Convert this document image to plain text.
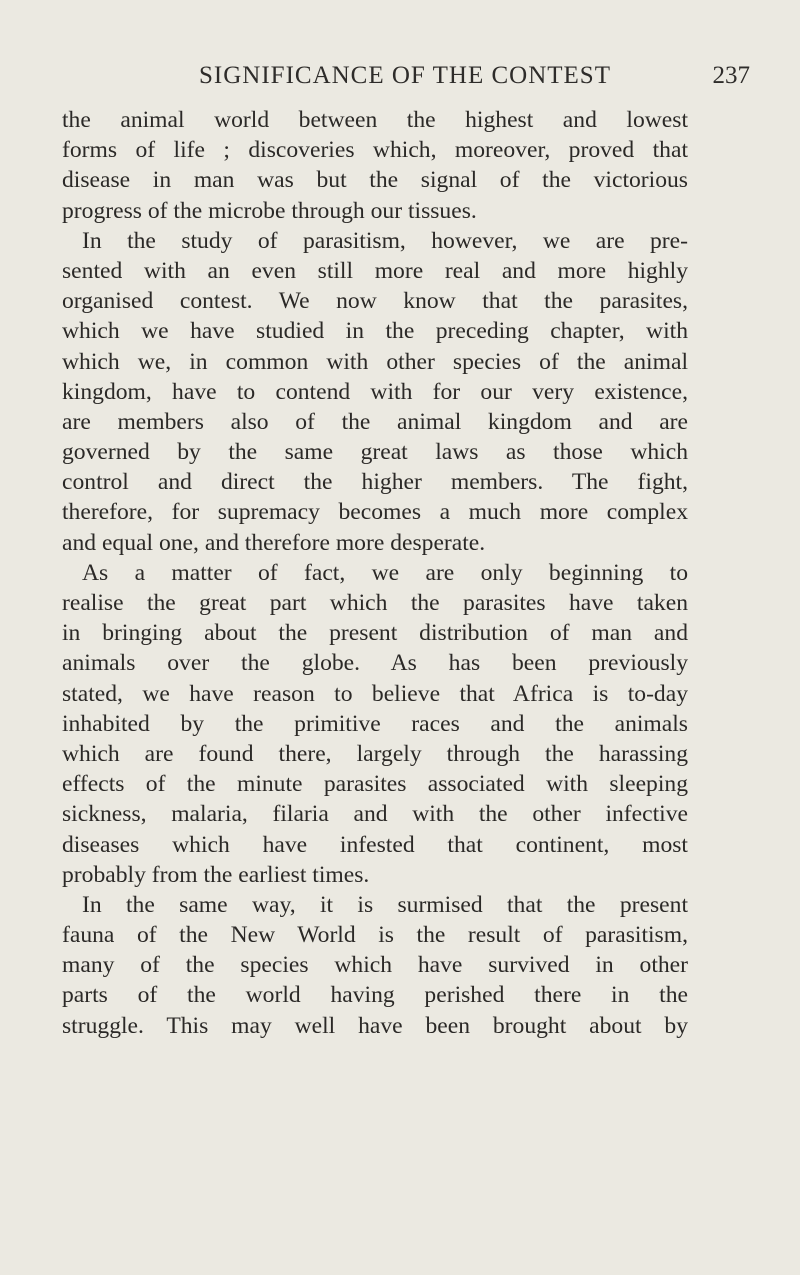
SIGNIFICANCE OF THE CONTEST	237
the animal world between the highest and lowest
forms of life ; discoveries which, moreover, proved that
disease in man was but the signal of the victorious
progress of the microbe through our tissues.
In the study of parasitism, however, we are pre-
sented with an even still more real and more highly
organised contest. We now know that the parasites,
which we have studied in the preceding chapter, with
which we, in common with other species of the animal
kingdom, have to contend with for our very existence,
are members also of the animal kingdom and are
governed by the same great laws as those which
control and direct the higher members. The fight,
therefore, for supremacy becomes a much more complex
and equal one, and therefore more desperate.
As a matter of fact, we are only beginning to
realise the great part which the parasites have taken
in bringing about the present distribution of man and
animals over the globe. As has been previously
stated, we have reason to believe that Africa is to-day
inhabited by the primitive races and the animals
which are found there, largely through the harassing
effects of the minute parasites associated with sleeping
sickness, malaria, filaria and with the other infective
diseases which have infested that continent, most
probably from the earliest times.
In the same way, it is surmised that the present
fauna of the New World is the result of parasitism,
many of the species which have survived in other
parts of the world having perished there in the
struggle. This may well have been brought about by
